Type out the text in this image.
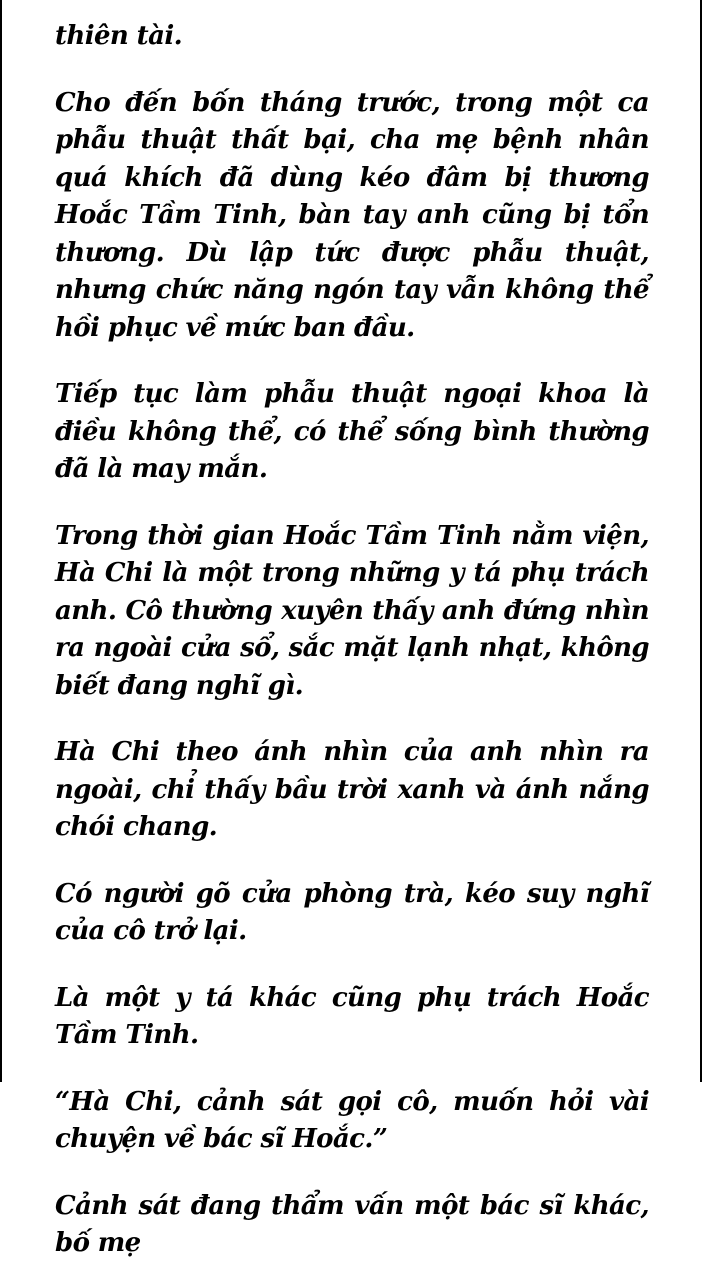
thiên tài.

Cho đến bốn tháng trước, trong một ca phẫu thuật thất bại, cha mẹ bệnh nhân quá khích đã dùng kéo đâm bị thương Hoắc Tầm Tinh, bàn tay anh cũng bị tổn thương. Dù lập tức được phẫu thuật, nhưng chức năng ngón tay vẫn không thể hồi phục về mức ban đầu.

Tiếp tục làm phẫu thuật ngoại khoa là điều không thể, có thể sống bình thường đã là may mắn.

Trong thời gian Hoắc Tầm Tinh nằm viện, Hà Chi là một trong những y tá phụ trách anh. Cô thường xuyên thấy anh đứng nhìn ra ngoài cửa sổ, sắc mặt lạnh nhạt, không biết đang nghĩ gì.

Hà Chi theo ánh nhìn của anh nhìn ra ngoài, chỉ thấy bầu trời xanh và ánh nắng chói chang.

Có người gõ cửa phòng trà, kéo suy nghĩ của cô trở lại.

Là một y tá khác cũng phụ trách Hoắc Tầm Tinh.

“Hà Chi, cảnh sát gọi cô, muốn hỏi vài chuyện về bác sĩ Hoắc.”

Cảnh sát đang thẩm vấn một bác sĩ khác, bố mẹ
